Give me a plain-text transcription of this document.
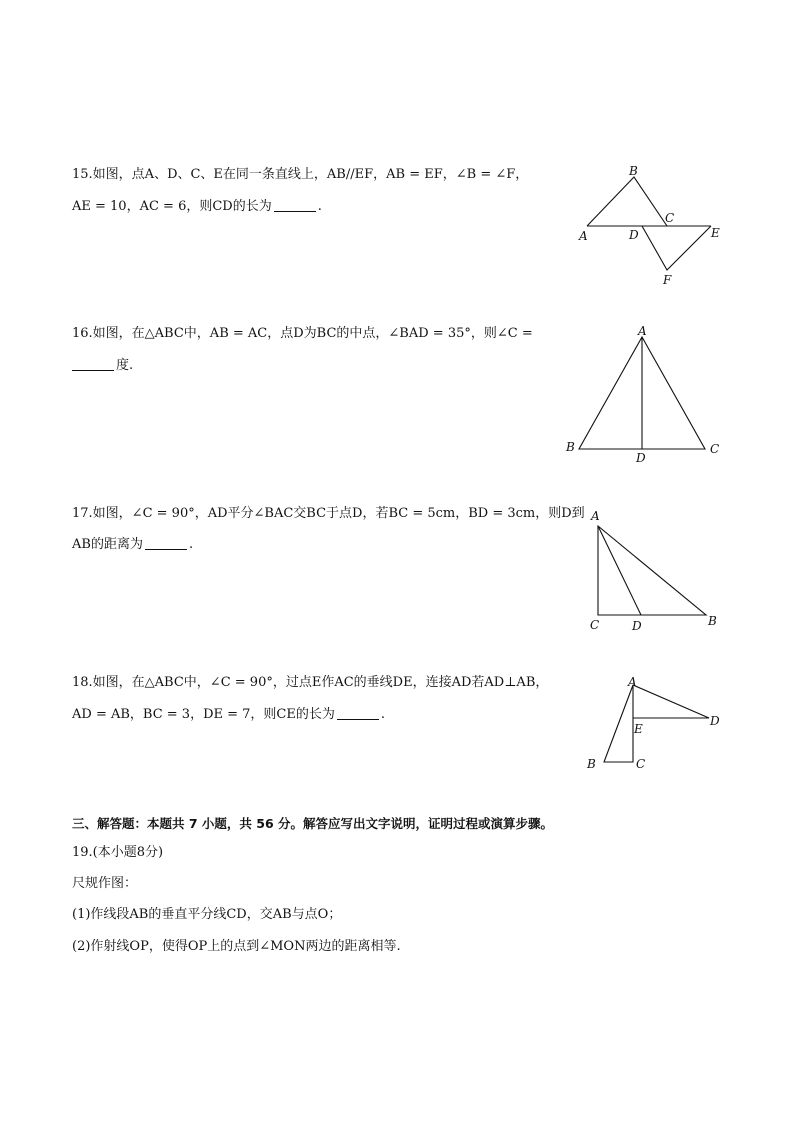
15.如图，点A、D、C、E在同一条直线上，AB//EF，AB = EF，∠B = ∠F，
AE = 10，AC = 6，则CD的长为	.
B
A	D
C
E
F
16.如图，在△ABC中，AB = AC，点D为BC的中点，∠BAD = 35°，则∠C =
度.
A
B	C
D
17.如图，∠C = 90°，AD平分∠BAC交BC于点D，若BC = 5cm，BD = 3cm，则D到
AB的距离为	.
A
C	D	B
18.如图，在△ABC中，∠C = 90°，过点E作AC的垂线DE，连接AD若AD⊥AB，
AD = AB，BC = 3，DE = 7，则CE的长为	.
A
D
E
B	C
三、解答题：本题共 7 小题，共 56 分。解答应写出文字说明，证明过程或演算步骤。
19.(本小题8分)
尺规作图：
(1)作线段AB的垂直平分线CD，交AB与点O；
(2)作射线OP，使得OP上的点到∠MON两边的距离相等.
